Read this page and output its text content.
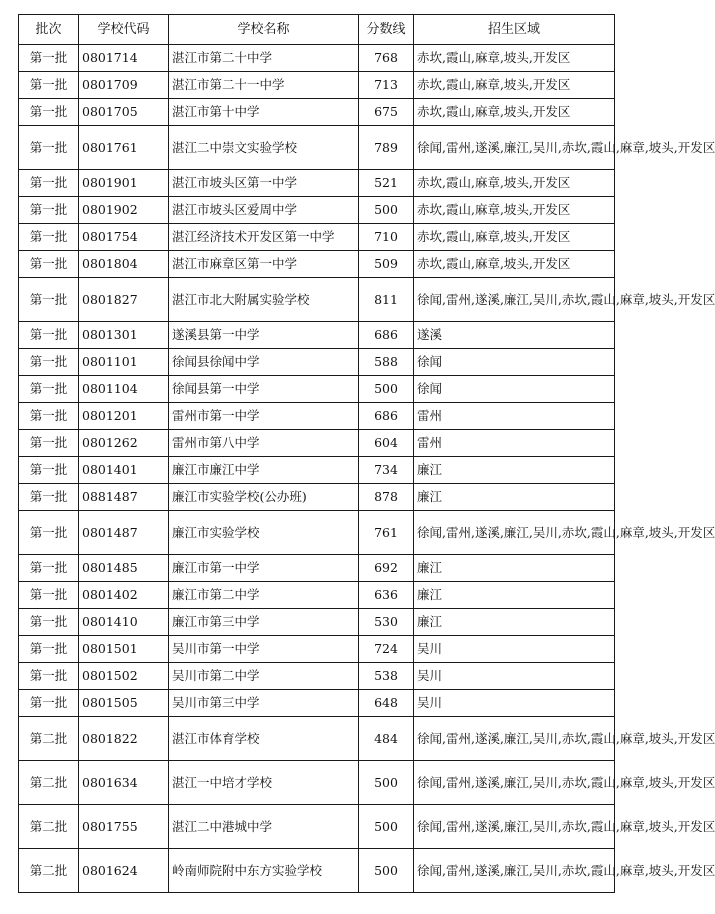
批次	学校代码	学校名称	分数线	招生区域
第一批	0801714	湛江市第二十中学	768	赤坎,霞山,麻章,坡头,开发区
第一批	0801709	湛江市第二十一中学	713	赤坎,霞山,麻章,坡头,开发区
第一批	0801705	湛江市第十中学	675	赤坎,霞山,麻章,坡头,开发区
第一批	0801761	湛江二中崇文实验学校	789	徐闻,雷州,遂溪,廉江,吴川,赤坎,霞山,麻章,坡头,开发区
第一批	0801901	湛江市坡头区第一中学	521	赤坎,霞山,麻章,坡头,开发区
第一批	0801902	湛江市坡头区爱周中学	500	赤坎,霞山,麻章,坡头,开发区
第一批	0801754	湛江经济技术开发区第一中学	710	赤坎,霞山,麻章,坡头,开发区
第一批	0801804	湛江市麻章区第一中学	509	赤坎,霞山,麻章,坡头,开发区
第一批	0801827	湛江市北大附属实验学校	811	徐闻,雷州,遂溪,廉江,吴川,赤坎,霞山,麻章,坡头,开发区
第一批	0801301	遂溪县第一中学	686	遂溪
第一批	0801101	徐闻县徐闻中学	588	徐闻
第一批	0801104	徐闻县第一中学	500	徐闻
第一批	0801201	雷州市第一中学	686	雷州
第一批	0801262	雷州市第八中学	604	雷州
第一批	0801401	廉江市廉江中学	734	廉江
第一批	0881487	廉江市实验学校(公办班)	878	廉江
第一批	0801487	廉江市实验学校	761	徐闻,雷州,遂溪,廉江,吴川,赤坎,霞山,麻章,坡头,开发区
第一批	0801485	廉江市第一中学	692	廉江
第一批	0801402	廉江市第二中学	636	廉江
第一批	0801410	廉江市第三中学	530	廉江
第一批	0801501	吴川市第一中学	724	吴川
第一批	0801502	吴川市第二中学	538	吴川
第一批	0801505	吴川市第三中学	648	吴川
第二批	0801822	湛江市体育学校	484	徐闻,雷州,遂溪,廉江,吴川,赤坎,霞山,麻章,坡头,开发区
第二批	0801634	湛江一中培才学校	500	徐闻,雷州,遂溪,廉江,吴川,赤坎,霞山,麻章,坡头,开发区
第二批	0801755	湛江二中港城中学	500	徐闻,雷州,遂溪,廉江,吴川,赤坎,霞山,麻章,坡头,开发区
第二批	0801624	岭南师院附中东方实验学校	500	徐闻,雷州,遂溪,廉江,吴川,赤坎,霞山,麻章,坡头,开发区
